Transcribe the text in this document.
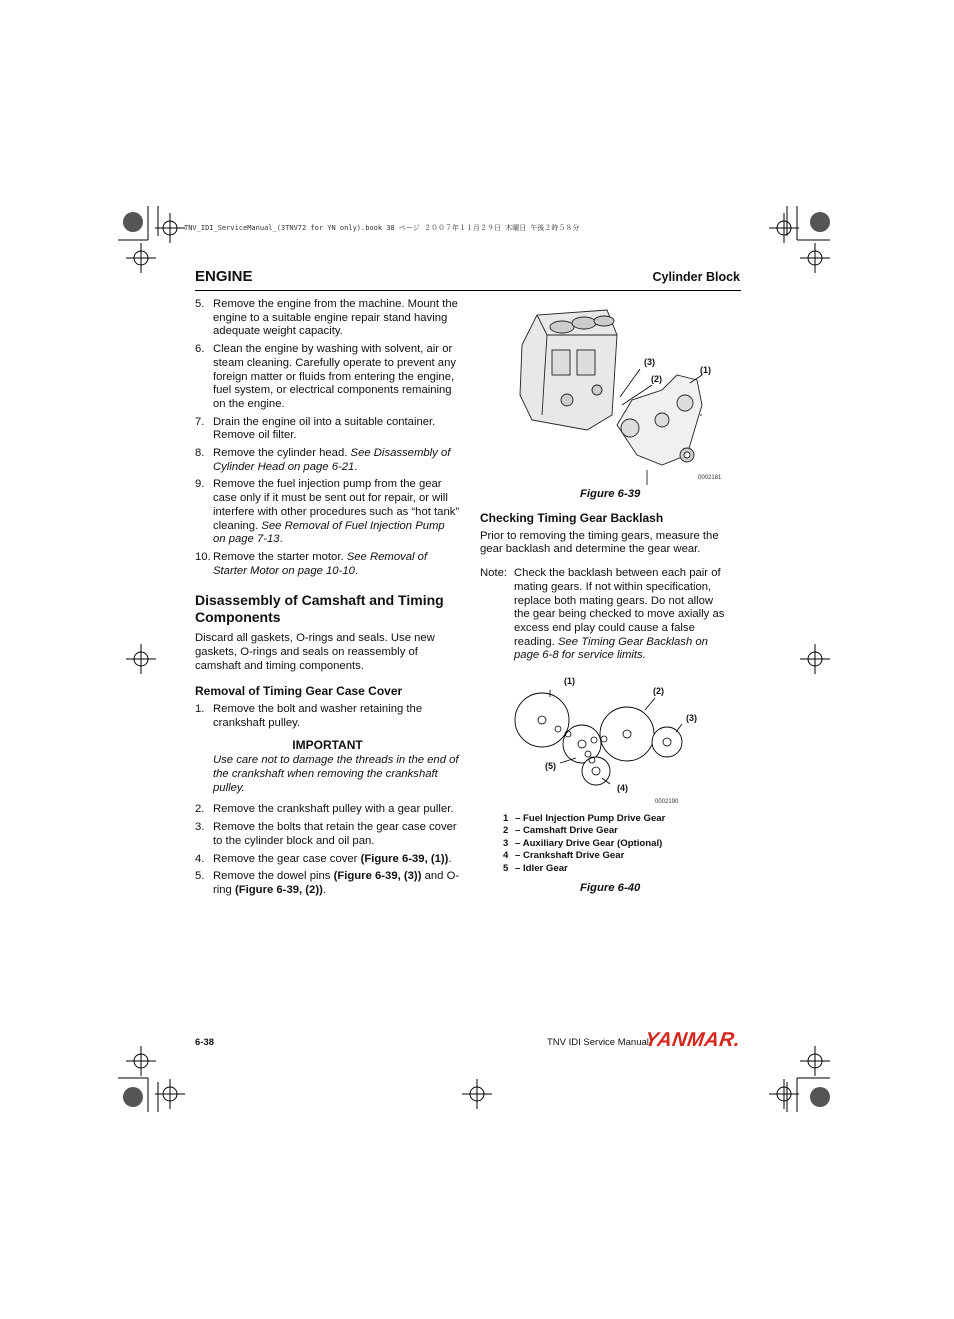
TNV_IDI_ServiceManual_(3TNV72 for YN only).book 38 ページ ２００７年１１月２９日 木曜日 午後２時５８分
ENGINE	Cylinder Block
5. Remove the engine from the machine. Mount the engine to a suitable engine repair stand having adequate weight capacity.
6. Clean the engine by washing with solvent, air or steam cleaning. Carefully operate to prevent any foreign matter or fluids from entering the engine, fuel system, or electrical components remaining on the engine.
7. Drain the engine oil into a suitable container. Remove oil filter.
8. Remove the cylinder head. See Disassembly of Cylinder Head on page 6-21.
9. Remove the fuel injection pump from the gear case only if it must be sent out for repair, or will interfere with other procedures such as “hot tank” cleaning. See Removal of Fuel Injection Pump on page 7-13.
10. Remove the starter motor. See Removal of Starter Motor on page 10-10.
Disassembly of Camshaft and Timing Components

Discard all gaskets, O-rings and seals. Use new gaskets, O-rings and seals on reassembly of camshaft and timing components.

Removal of Timing Gear Case Cover
1. Remove the bolt and washer retaining the crankshaft pulley.
IMPORTANT
Use care not to damage the threads in the end of the crankshaft when removing the crankshaft pulley.
2. Remove the crankshaft pulley with a gear puller.
3. Remove the bolts that retain the gear case cover to the cylinder block and oil pan.
4. Remove the gear case cover (Figure 6-39, (1)).
5. Remove the dowel pins (Figure 6-39, (3)) and O-ring (Figure 6-39, (2)).
(3)
(2)
(1)
0002181
Figure 6-39
Checking Timing Gear Backlash

Prior to removing the timing gears, measure the gear backlash and determine the gear wear.

Note: Check the backlash between each pair of mating gears. If not within specification, replace both mating gears. Do not allow the gear being checked to move axially as excess end play could cause a false reading. See Timing Gear Backlash on page 6-8 for service limits.
(1)
(2)
(3)
(4)
(5)
0002190
1 – Fuel Injection Pump Drive Gear
2 – Camshaft Drive Gear
3 – Auxiliary Drive Gear (Optional)
4 – Crankshaft Drive Gear
5 – Idler Gear
Figure 6-40
6-38	TNV IDI Service Manual
YANMAR.
